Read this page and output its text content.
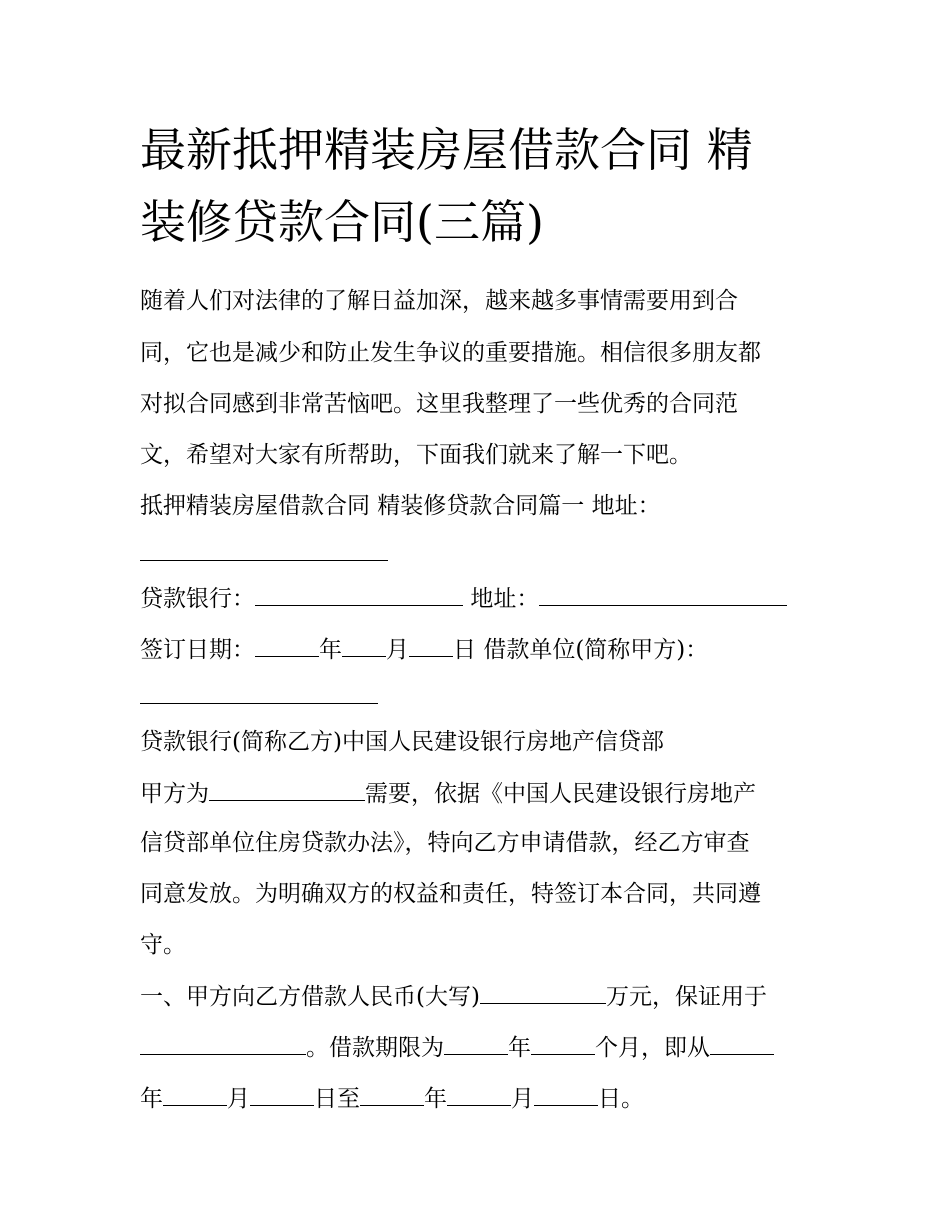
最新抵押精装房屋借款合同 精
装修贷款合同(三篇)
随着人们对法律的了解日益加深，越来越多事情需要用到合
同，它也是减少和防止发生争议的重要措施。相信很多朋友都
对拟合同感到非常苦恼吧。这里我整理了一些优秀的合同范
文，希望对大家有所帮助，下面我们就来了解一下吧。
抵押精装房屋借款合同 精装修贷款合同篇一 地址：
贷款银行：	地址：
签订日期：	年 月 日 借款单位(简称甲方)：
贷款银行(简称乙方)中国人民建设银行房地产信贷部
甲方为	需要，依据《中国人民建设银行房地产
信贷部单位住房贷款办法》，特向乙方申请借款，经乙方审查
同意发放。为明确双方的权益和责任，特签订本合同，共同遵
守。
一、甲方向乙方借款人民币(大写)	万元，保证用于
。借款期限为	年	个月，即从
年	月	日至	年	月	日。
